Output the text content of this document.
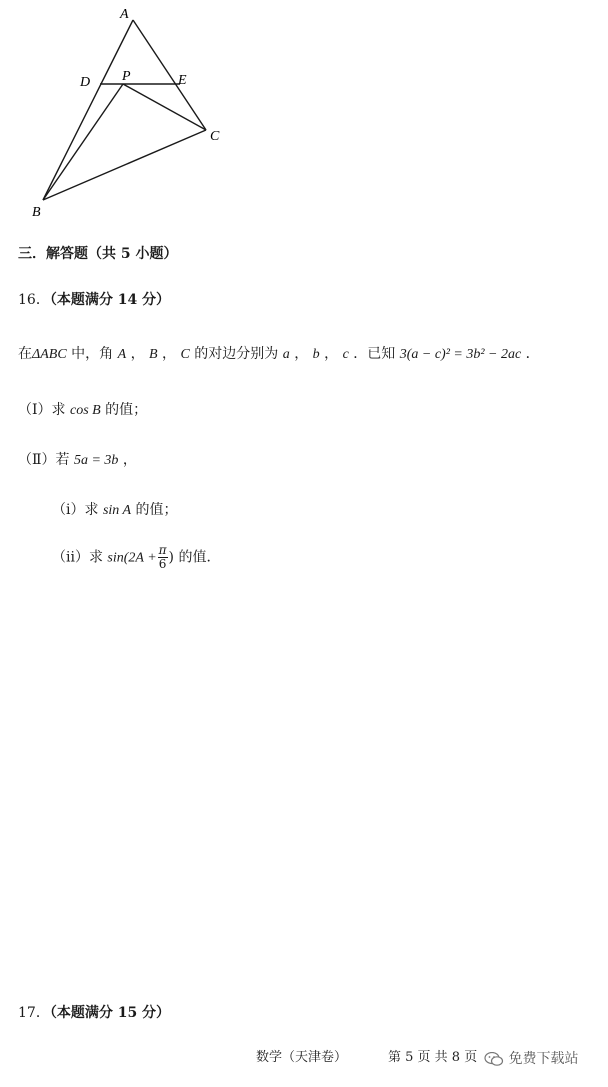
A
D P	E
C
B
三．解答题（共 5 小题）
16．（本题满分 14 分）
在ΔABC 中，角 A ， B ， C 的对边分别为 a ， b ， c ．已知 3(a − c)² = 3b² − 2ac ．
（Ⅰ）求 cos B 的值；
（Ⅱ）若 5a = 3b ，
（i）求 sin A 的值；
（ii）求 $\sin(2A + \frac{\pi}{6}$ ) 的值．
17．（本题满分 15 分）
数学（天津卷）	第 5 页 共 8 页	免费下载站
